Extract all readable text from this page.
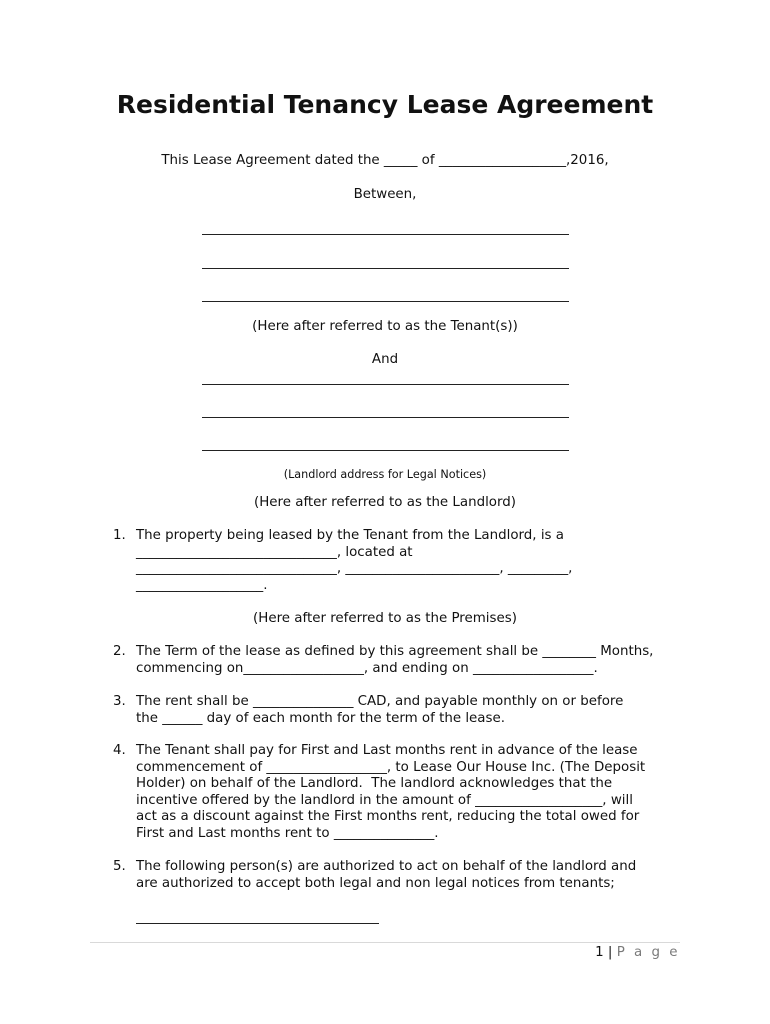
Residential Tenancy Lease Agreement

This Lease Agreement dated the _____ of ___________________,2016,

Between,

(Here after referred to as the Tenant(s))

And

(Landlord address for Legal Notices)

(Here after referred to as the Landlord)

1. The property being leased by the Tenant from the Landlord, is a
______________________________, located at
______________________________, _______________________, _________,
___________________.

(Here after referred to as the Premises)

2. The Term of the lease as defined by this agreement shall be ________ Months,
commencing on__________________, and ending on __________________.
3. The rent shall be _______________ CAD, and payable monthly on or before
the ______ day of each month for the term of the lease.
4. The Tenant shall pay for First and Last months rent in advance of the lease
commencement of __________________, to Lease Our House Inc. (The Deposit
Holder) on behalf of the Landlord.  The landlord acknowledges that the
incentive offered by the landlord in the amount of ___________________, will
act as a discount against the First months rent, reducing the total owed for
First and Last months rent to _______________.
5. The following person(s) are authorized to act on behalf of the landlord and
are authorized to accept both legal and non legal notices from tenants;
1 | P a g e
